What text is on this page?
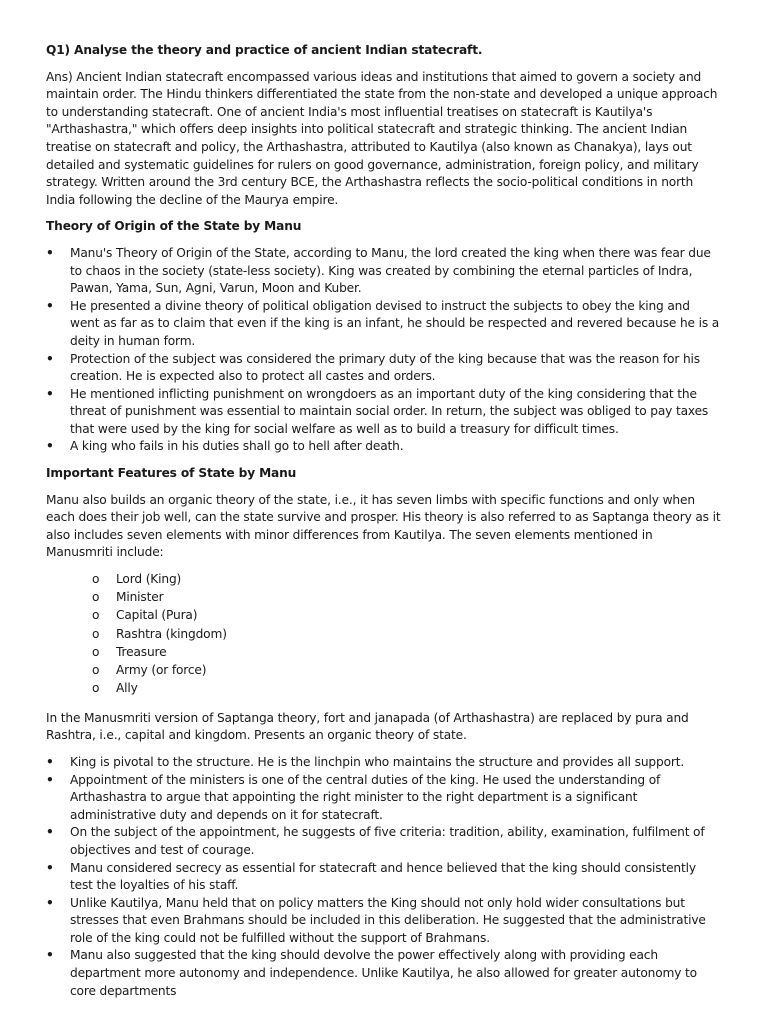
Q1) Analyse the theory and practice of ancient Indian statecraft.

Ans) Ancient Indian statecraft encompassed various ideas and institutions that aimed to govern a society and maintain order. The Hindu thinkers differentiated the state from the non-state and developed a unique approach to understanding statecraft. One of ancient India's most influential treatises on statecraft is Kautilya's "Arthashastra," which offers deep insights into political statecraft and strategic thinking. The ancient Indian treatise on statecraft and policy, the Arthashastra, attributed to Kautilya (also known as Chanakya), lays out detailed and systematic guidelines for rulers on good governance, administration, foreign policy, and military strategy. Written around the 3rd century BCE, the Arthashastra reflects the socio-political conditions in north India following the decline of the Maurya empire.

Theory of Origin of the State by Manu
•	Manu's Theory of Origin of the State, according to Manu, the lord created the king when there was fear due to chaos in the society (state-less society). King was created by combining the eternal particles of Indra, Pawan, Yama, Sun, Agni, Varun, Moon and Kuber.
•	He presented a divine theory of political obligation devised to instruct the subjects to obey the king and went as far as to claim that even if the king is an infant, he should be respected and revered because he is a deity in human form.
•	Protection of the subject was considered the primary duty of the king because that was the reason for his creation. He is expected also to protect all castes and orders.
•	He mentioned inflicting punishment on wrongdoers as an important duty of the king considering that the threat of punishment was essential to maintain social order. In return, the subject was obliged to pay taxes that were used by the king for social welfare as well as to build a treasury for difficult times.
•	A king who fails in his duties shall go to hell after death.
Important Features of State by Manu

Manu also builds an organic theory of the state, i.e., it has seven limbs with specific functions and only when each does their job well, can the state survive and prosper. His theory is also referred to as Saptanga theory as it also includes seven elements with minor differences from Kautilya. The seven elements mentioned in Manusmriti include:

o Lord (King)
o Minister
o Capital (Pura)
o Rashtra (kingdom)
o Treasure
o Army (or force)
o Ally

In the Manusmriti version of Saptanga theory, fort and janapada (of Arthashastra) are replaced by pura and Rashtra, i.e., capital and kingdom. Presents an organic theory of state.

•	King is pivotal to the structure. He is the linchpin who maintains the structure and provides all support.
•	Appointment of the ministers is one of the central duties of the king. He used the understanding of Arthashastra to argue that appointing the right minister to the right department is a significant administrative duty and depends on it for statecraft.
•	On the subject of the appointment, he suggests of five criteria: tradition, ability, examination, fulfilment of objectives and test of courage.
•	Manu considered secrecy as essential for statecraft and hence believed that the king should consistently test the loyalties of his staff.
•	Unlike Kautilya, Manu held that on policy matters the King should not only hold wider consultations but stresses that even Brahmans should be included in this deliberation. He suggested that the administrative role of the king could not be fulfilled without the support of Brahmans.
•	Manu also suggested that the king should devolve the power effectively along with providing each department more autonomy and independence. Unlike Kautilya, he also allowed for greater autonomy to core departments
